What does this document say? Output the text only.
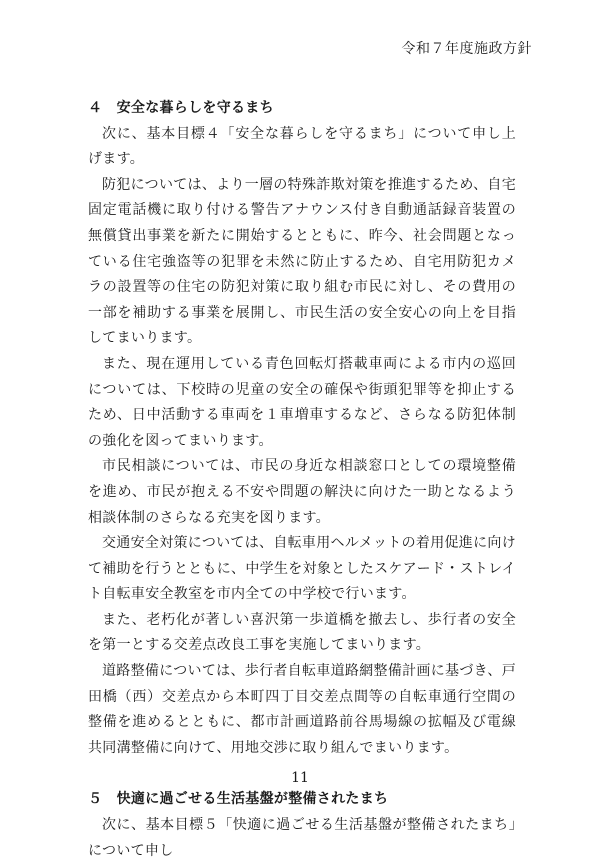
令和７年度施政方針

４　安全な暮らしを守るまち

次に、基本目標４「安全な暮らしを守るまち」について申し上げます。

防犯については、より一層の特殊詐欺対策を推進するため、自宅固定電話機に取り付ける警告アナウンス付き自動通話録音装置の無償貸出事業を新たに開始するとともに、昨今、社会問題となっている住宅強盗等の犯罪を未然に防止するため、自宅用防犯カメラの設置等の住宅の防犯対策に取り組む市民に対し、その費用の一部を補助する事業を展開し、市民生活の安全安心の向上を目指してまいります。

また、現在運用している青色回転灯搭載車両による市内の巡回については、下校時の児童の安全の確保や街頭犯罪等を抑止するため、日中活動する車両を１車増車するなど、さらなる防犯体制の強化を図ってまいります。

市民相談については、市民の身近な相談窓口としての環境整備を進め、市民が抱える不安や問題の解決に向けた一助となるよう相談体制のさらなる充実を図ります。

交通安全対策については、自転車用ヘルメットの着用促進に向けて補助を行うとともに、中学生を対象としたスケアード・ストレイト自転車安全教室を市内全ての中学校で行います。

また、老朽化が著しい喜沢第一歩道橋を撤去し、歩行者の安全を第一とする交差点改良工事を実施してまいります。

道路整備については、歩行者自転車道路網整備計画に基づき、戸田橋（西）交差点から本町四丁目交差点間等の自転車通行空間の整備を進めるとともに、都市計画道路前谷馬場線の拡幅及び電線共同溝整備に向けて、用地交渉に取り組んでまいります。

５　快適に過ごせる生活基盤が整備されたまち

次に、基本目標５「快適に過ごせる生活基盤が整備されたまち」について申し

11
